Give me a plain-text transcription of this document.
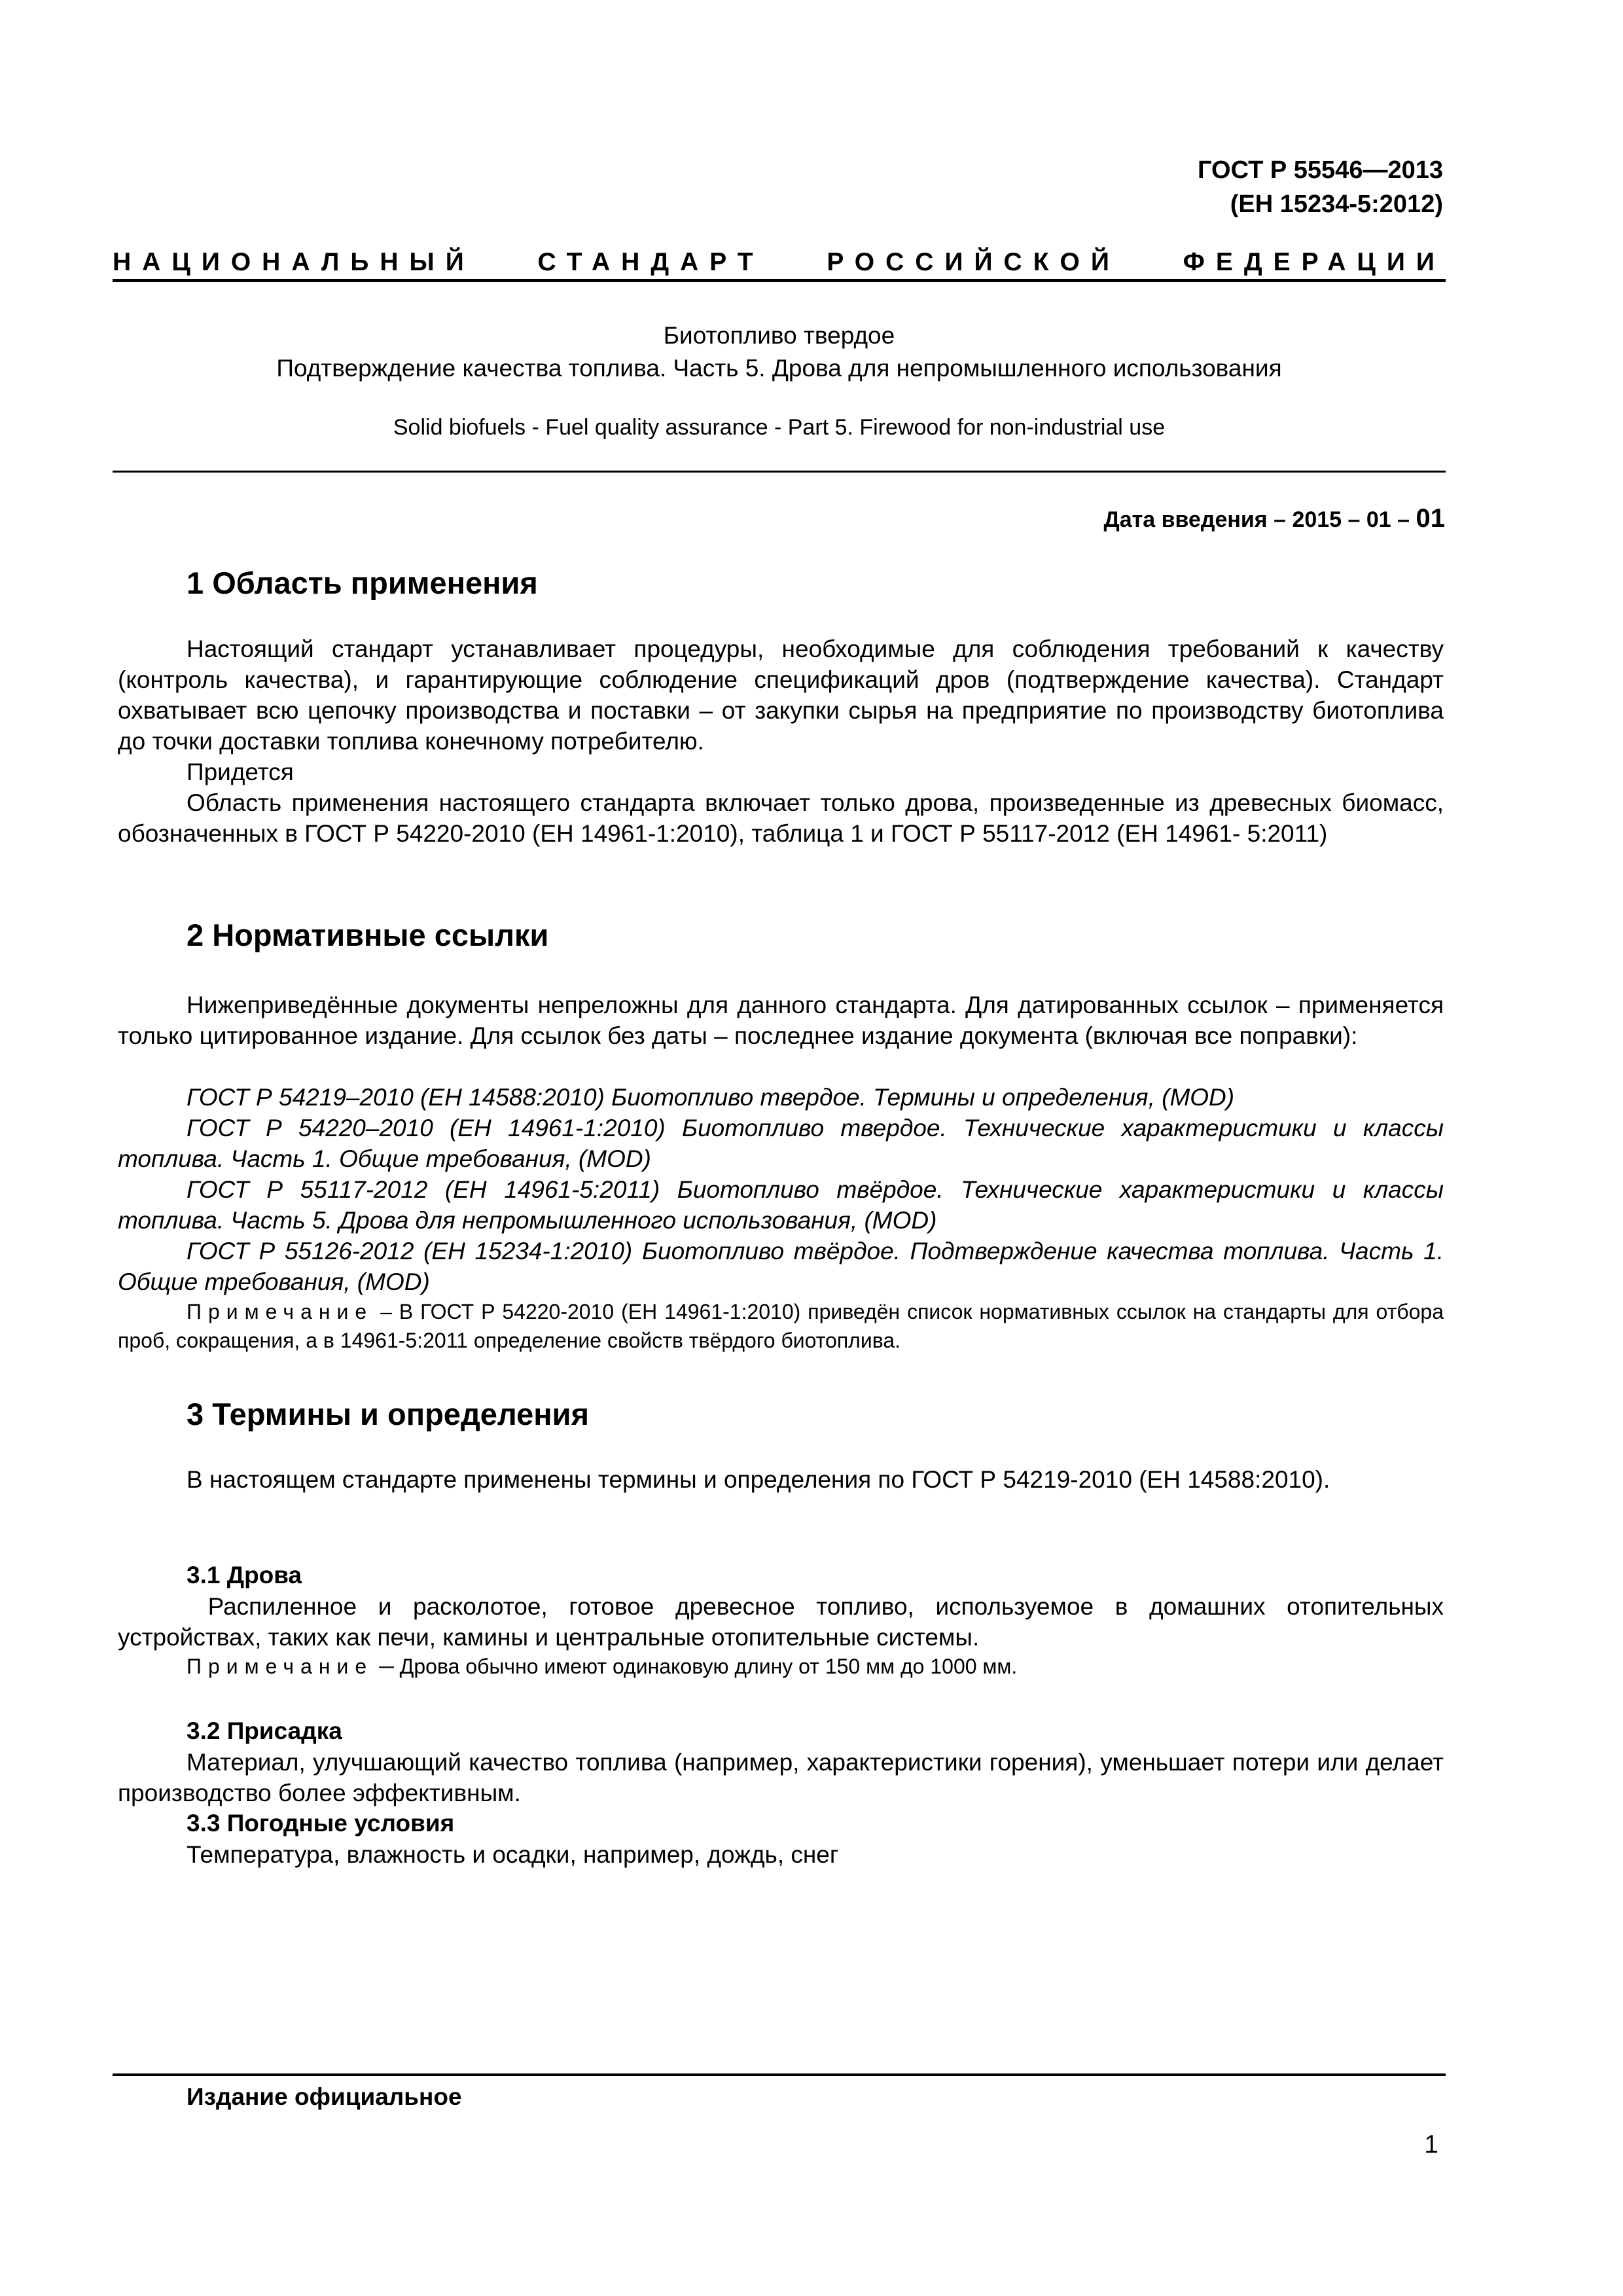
ГОСТ Р 55546—2013
(ЕН 15234-5:2012)
НАЦИОНАЛЬНЫЙ СТАНДАРТ РОССИЙСКОЙ ФЕДЕРАЦИИ
Биотопливо твердое
Подтверждение качества топлива. Часть 5. Дрова для непромышленного использования
Solid biofuels - Fuel quality assurance - Part 5. Firewood for non-industrial use
Дата введения – 2015 – 01 – 01
1 Область применения
Настоящий стандарт устанавливает процедуры, необходимые для соблюдения требований к качеству (контроль качества), и гарантирующие соблюдение спецификаций дров (подтверждение качества). Стандарт охватывает всю цепочку производства и поставки – от закупки сырья на предприятие по производству биотоплива до точки доставки топлива конечному потребителю.
Придется
Область применения настоящего стандарта включает только дрова, произведенные из древесных биомасс, обозначенных в ГОСТ Р 54220-2010 (ЕН 14961-1:2010), таблица 1 и ГОСТ Р 55117-2012 (ЕН 14961- 5:2011)
2 Нормативные ссылки
Нижеприведённые документы непреложны для данного стандарта. Для датированных ссылок – применяется только цитированное издание. Для ссылок без даты – последнее издание документа (включая все поправки):
ГОСТ Р 54219–2010 (ЕН 14588:2010) Биотопливо твердое. Термины и определения, (MOD)
ГОСТ Р 54220–2010 (ЕН 14961-1:2010) Биотопливо твердое. Технические характеристики и классы топлива. Часть 1. Общие требования, (MOD)
ГОСТ Р 55117-2012 (ЕН 14961-5:2011) Биотопливо твёрдое. Технические характеристики и классы топлива. Часть 5. Дрова для непромышленного использования, (MOD)
ГОСТ Р 55126-2012 (ЕН 15234-1:2010) Биотопливо твёрдое. Подтверждение качества топлива. Часть 1. Общие требования, (MOD)
Примечание – В ГОСТ Р 54220-2010 (ЕН 14961-1:2010) приведён список нормативных ссылок на стандарты для отбора проб, сокращения, а в 14961-5:2011 определение свойств твёрдого биотоплива.
3 Термины и определения
В настоящем стандарте применены термины и определения по ГОСТ Р 54219-2010 (ЕН 14588:2010).
3.1 Дрова
Распиленное и расколотое, готовое древесное топливо, используемое в домашних отопительных устройствах, таких как печи, камины и центральные отопительные системы.
Примечание ─ Дрова обычно имеют одинаковую длину от 150 мм до 1000 мм.
3.2 Присадка
Материал, улучшающий качество топлива (например, характеристики горения), уменьшает потери или делает производство более эффективным.
3.3 Погодные условия
Температура, влажность и осадки, например, дождь, снег
Издание официальное
1
